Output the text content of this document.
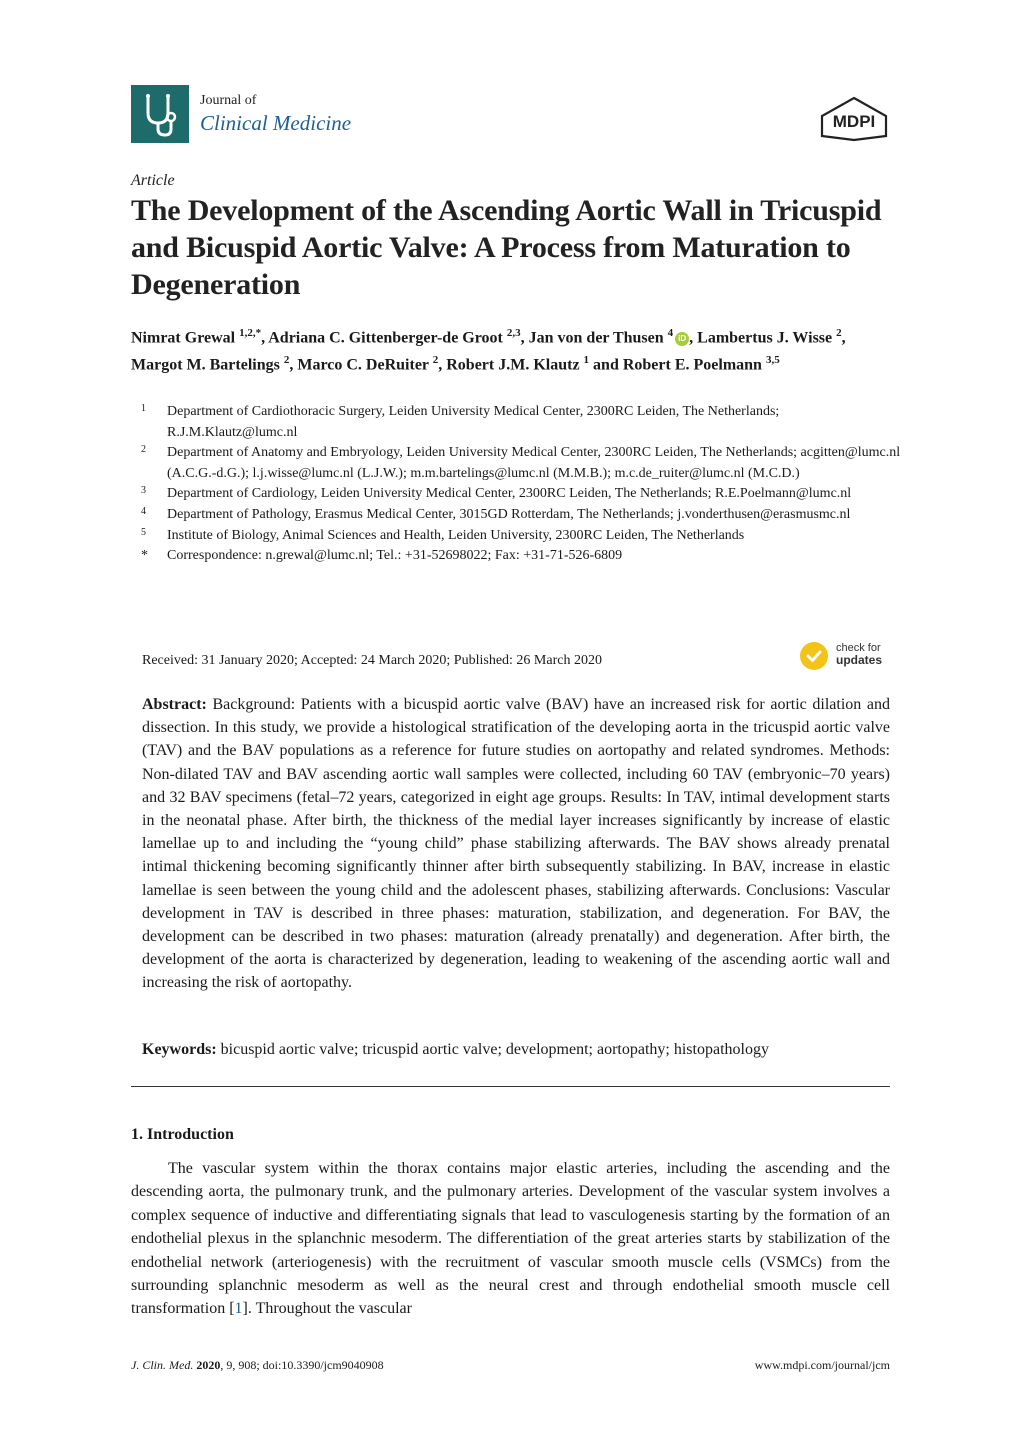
Journal of
Clinical Medicine	MDPI
Article
The Development of the Ascending Aortic Wall in Tricuspid and Bicuspid Aortic Valve: A Process from Maturation to Degeneration
Nimrat Grewal $^{1,2,*}$, Adriana C. Gittenberger-de Groot $^{2,3}$, Jan von der Thusen $^4$ iD , Lambertus J. Wisse $^2$, Margot M. Bartelings $^2$, Marco C. DeRuiter $^2$, Robert J.M. Klautz $^1$ and Robert E. Poelmann $^{3,5}$
1 Department of Cardiothoracic Surgery, Leiden University Medical Center, 2300RC Leiden, The Netherlands; R.J.M.Klautz@lumc.nl
2 Department of Anatomy and Embryology, Leiden University Medical Center, 2300RC Leiden, The Netherlands; acgitten@lumc.nl (A.C.G.-d.G.); l.j.wisse@lumc.nl (L.J.W.); m.m.bartelings@lumc.nl (M.M.B.); m.c.de_ruiter@lumc.nl (M.C.D.)
3 Department of Cardiology, Leiden University Medical Center, 2300RC Leiden, The Netherlands; R.E.Poelmann@lumc.nl
4 Department of Pathology, Erasmus Medical Center, 3015GD Rotterdam, The Netherlands; j.vonderthusen@erasmusmc.nl
5 Institute of Biology, Animal Sciences and Health, Leiden University, 2300RC Leiden, The Netherlands
* Correspondence: n.grewal@lumc.nl; Tel.: +31-52698022; Fax: +31-71-526-6809
Received: 31 January 2020; Accepted: 24 March 2020; Published: 26 March 2020
check for
updates
Abstract: Background: Patients with a bicuspid aortic valve (BAV) have an increased risk for aortic dilation and dissection. In this study, we provide a histological stratification of the developing aorta in the tricuspid aortic valve (TAV) and the BAV populations as a reference for future studies on aortopathy and related syndromes. Methods: Non-dilated TAV and BAV ascending aortic wall samples were collected, including 60 TAV (embryonic–70 years) and 32 BAV specimens (fetal–72 years, categorized in eight age groups. Results: In TAV, intimal development starts in the neonatal phase. After birth, the thickness of the medial layer increases significantly by increase of elastic lamellae up to and including the “young child” phase stabilizing afterwards. The BAV shows already prenatal intimal thickening becoming significantly thinner after birth subsequently stabilizing. In BAV, increase in elastic lamellae is seen between the young child and the adolescent phases, stabilizing afterwards. Conclusions: Vascular development in TAV is described in three phases: maturation, stabilization, and degeneration. For BAV, the development can be described in two phases: maturation (already prenatally) and degeneration. After birth, the development of the aorta is characterized by degeneration, leading to weakening of the ascending aortic wall and increasing the risk of aortopathy.
Keywords: bicuspid aortic valve; tricuspid aortic valve; development; aortopathy; histopathology
1. Introduction
The vascular system within the thorax contains major elastic arteries, including the ascending and the descending aorta, the pulmonary trunk, and the pulmonary arteries. Development of the vascular system involves a complex sequence of inductive and differentiating signals that lead to vasculogenesis starting by the formation of an endothelial plexus in the splanchnic mesoderm. The differentiation of the great arteries starts by stabilization of the endothelial network (arteriogenesis) with the recruitment of vascular smooth muscle cells (VSMCs) from the surrounding splanchnic mesoderm as well as the neural crest and through endothelial smooth muscle cell transformation [1]. Throughout the vascular
J. Clin. Med. 2020, 9, 908; doi:10.3390/jcm9040908	www.mdpi.com/journal/jcm
